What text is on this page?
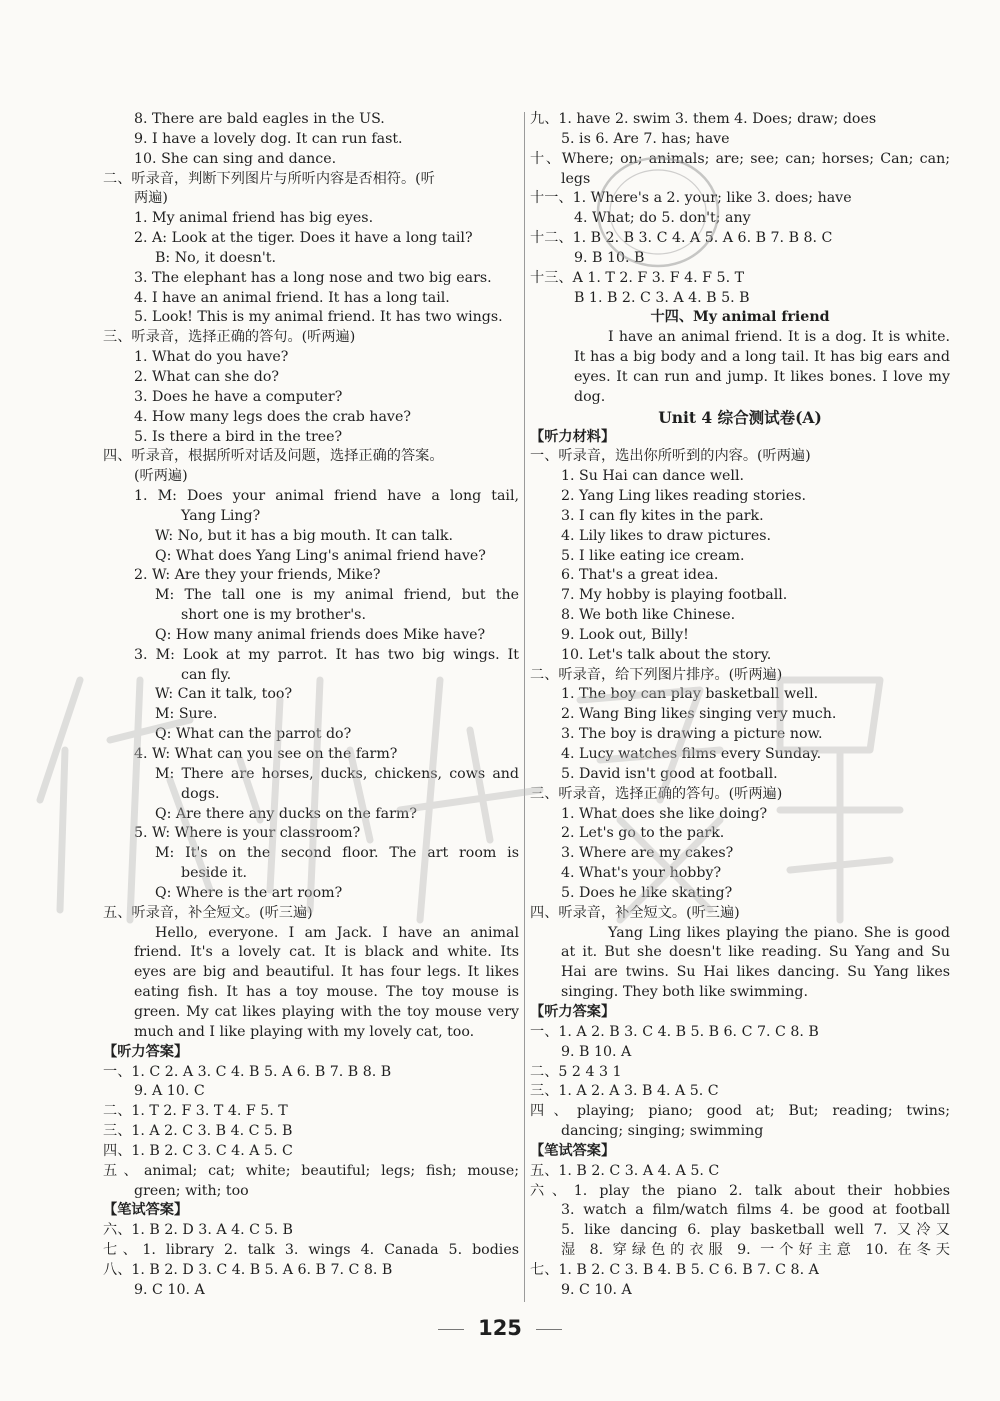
8. There are bald eagles in the US.
9. I have a lovely dog. It can run fast.
10. She can sing and dance.
二、听录音，判断下列图片与所听内容是否相符。(听
两遍)
1. My animal friend has big eyes.
2. A: Look at the tiger. Does it have a long tail?
B: No, it doesn't.
3. The elephant has a long nose and two big ears.
4. I have an animal friend. It has a long tail.
5. Look! This is my animal friend. It has two wings.
三、听录音，选择正确的答句。(听两遍)
1. What do you have?
2. What can she do?
3. Does he have a computer?
4. How many legs does the crab have?
5. Is there a bird in the tree?
四、听录音，根据所听对话及问题，选择正确的答案。
(听两遍)
1. M: Does your animal friend have a long tail,
Yang Ling?
W: No, but it has a big mouth. It can talk.
Q: What does Yang Ling's animal friend have?
2. W: Are they your friends, Mike?
M: The tall one is my animal friend, but the
short one is my brother's.
Q: How many animal friends does Mike have?
3. M: Look at my parrot. It has two big wings. It
can fly.
W: Can it talk, too?
M: Sure.
Q: What can the parrot do?
4. W: What can you see on the farm?
M: There are horses, ducks, chickens, cows and
dogs.
Q: Are there any ducks on the farm?
5. W: Where is your classroom?
M: It's on the second floor. The art room is
beside it.
Q: Where is the art room?
五、听录音，补全短文。(听三遍)
Hello, everyone. I am Jack. I have an animal
friend. It's a lovely cat. It is black and white. Its
eyes are big and beautiful. It has four legs. It likes
eating fish. It has a toy mouse. The toy mouse is
green. My cat likes playing with the toy mouse very
much and I like playing with my lovely cat, too.
【听力答案】
一、1. C 2. A 3. C 4. B 5. A 6. B 7. B 8. B
9. A 10. C
二、1. T 2. F 3. T 4. F 5. T
三、1. A 2. C 3. B 4. C 5. B
四、1. B 2. C 3. C 4. A 5. C
五、animal; cat; white; beautiful; legs; fish; mouse;
green; with; too
【笔试答案】
六、1. B 2. D 3. A 4. C 5. B
七、1. library 2. talk 3. wings 4. Canada 5. bodies
八、1. B 2. D 3. C 4. B 5. A 6. B 7. C 8. B
9. C 10. A
九、1. have 2. swim 3. them 4. Does; draw; does
5. is 6. Are 7. has; have
十、Where; on; animals; are; see; can; horses; Can; can;
legs
十一、1. Where's a 2. your; like 3. does; have
4. What; do 5. don't; any
十二、1. B 2. B 3. C 4. A 5. A 6. B 7. B 8. C
9. B 10. B
十三、A 1. T 2. F 3. F 4. F 5. T
B 1. B 2. C 3. A 4. B 5. B
十四、My animal friend
I have an animal friend. It is a dog. It is white.
It has a big body and a long tail. It has big ears and
eyes. It can run and jump. It likes bones. I love my
dog.
Unit 4 综合测试卷(A)
【听力材料】
一、听录音，选出你所听到的内容。(听两遍)
1. Su Hai can dance well.
2. Yang Ling likes reading stories.
3. I can fly kites in the park.
4. Lily likes to draw pictures.
5. I like eating ice cream.
6. That's a great idea.
7. My hobby is playing football.
8. We both like Chinese.
9. Look out, Billy!
10. Let's talk about the story.
二、听录音，给下列图片排序。(听两遍)
1. The boy can play basketball well.
2. Wang Bing likes singing very much.
3. The boy is drawing a picture now.
4. Lucy watches films every Sunday.
5. David isn't good at football.
三、听录音，选择正确的答句。(听两遍)
1. What does she like doing?
2. Let's go to the park.
3. Where are my cakes?
4. What's your hobby?
5. Does he like skating?
四、听录音，补全短文。(听三遍)
Yang Ling likes playing the piano. She is good
at it. But she doesn't like reading. Su Yang and Su
Hai are twins. Su Hai likes dancing. Su Yang likes
singing. They both like swimming.
【听力答案】
一、1. A 2. B 3. C 4. B 5. B 6. C 7. C 8. B
9. B 10. A
二、5 2 4 3 1
三、1. A 2. A 3. B 4. A 5. C
四、playing; piano; good at; But; reading; twins;
dancing; singing; swimming
【笔试答案】
五、1. B 2. C 3. A 4. A 5. C
六、1. play the piano 2. talk about their hobbies
3. watch a film/watch films 4. be good at football
5. like dancing 6. play basketball well 7. 又冷又
湿 8. 穿绿色的衣服 9. 一个好主意 10. 在冬天
七、1. B 2. C 3. B 4. B 5. C 6. B 7. C 8. A
9. C 10. A
125
